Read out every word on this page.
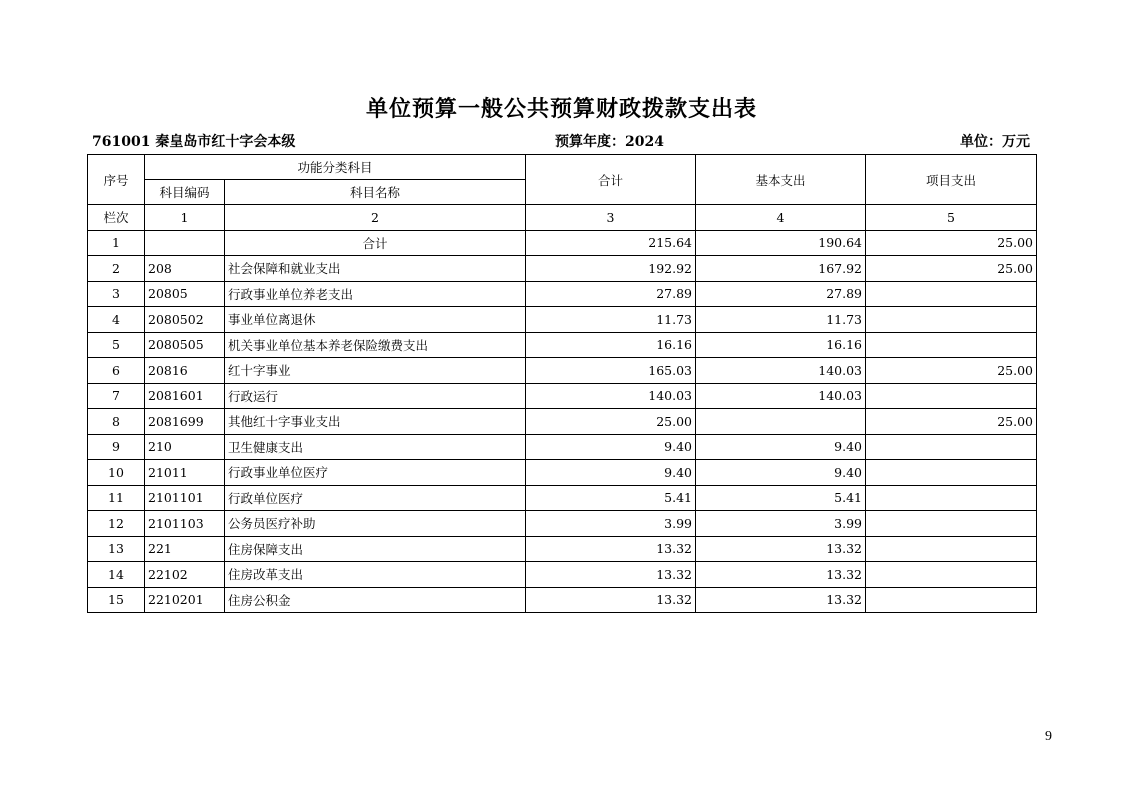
单位预算一般公共预算财政拨款支出表
761001 秦皇岛市红十字会本级	预算年度：2024	单位：万元
序号	功能分类科目		合计	基本支出	项目支出
	科目编码	科目名称			
栏次	1	2	3	4	5
1		合计	215.64	190.64	25.00
2	208	社会保障和就业支出	192.92	167.92	25.00
3	20805	行政事业单位养老支出	27.89	27.89	
4	2080502	事业单位离退休	11.73	11.73	
5	2080505	机关事业单位基本养老保险缴费支出	16.16	16.16	
6	20816	红十字事业	165.03	140.03	25.00
7	2081601	行政运行	140.03	140.03	
8	2081699	其他红十字事业支出	25.00		25.00
9	210	卫生健康支出	9.40	9.40	
10	21011	行政事业单位医疗	9.40	9.40	
11	2101101	行政单位医疗	5.41	5.41	
12	2101103	公务员医疗补助	3.99	3.99	
13	221	住房保障支出	13.32	13.32	
14	22102	住房改革支出	13.32	13.32	
15	2210201	住房公积金	13.32	13.32	
9
